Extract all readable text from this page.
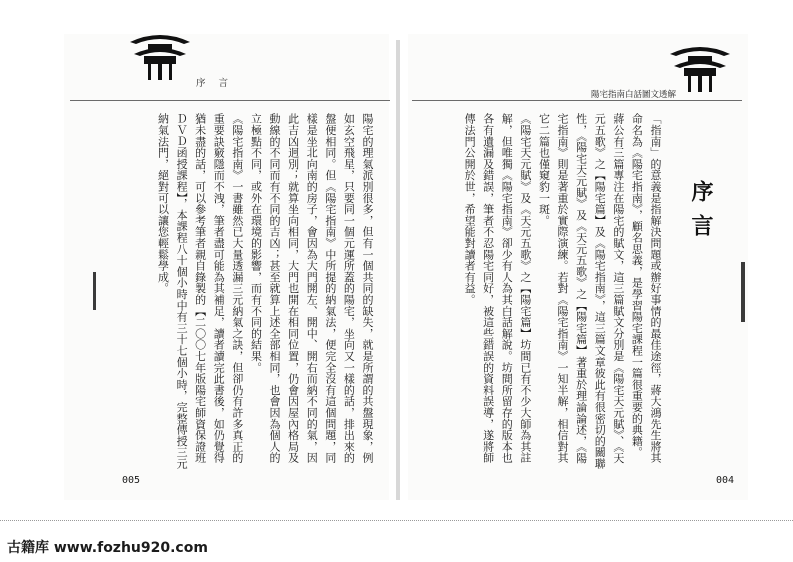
序 言
陽宅指南白話圖文透解
序言

「指南」的意義是指解決問題或辦好事情的最佳途徑，蔣大鴻先生將其命名為《陽宅指南》，顧名思義，是學習陽宅課程一篇很重要的典籍。

蔣公有三篇專注在陽宅的賦文，這三篇賦文分別是《陽宅天元賦》、《天元五歌》之【陽宅篇】及《陽宅指南》，這三篇文章彼此有很密切的關聯性，《陽宅天元賦》及《天元五歌》之【陽宅篇】著重於理論論述，《陽宅指南》則是著重於實際演練。若對《陽宅指南》一知半解，相信對其它二篇也僅窺豹一斑。

《陽宅天元賦》及《天元五歌》之【陽宅篇】坊間已有不少大師為其註解，但唯獨《陽宅指南》卻少有人為其白話解說。坊間所留存的版本也各有遺漏及錯誤，筆者不忍陽宅同好，被這些錯誤的資料誤導，遂將師傳法門公開於世，希望能對讀者有益。

陽宅的理氣派別很多，但有一個共同的缺失，就是所謂的共盤現象，例如玄空飛星，只要同一個元運所蓋的陽宅，坐向又一樣的話，排出來的盤便相同。但《陽宅指南》中所提的納氣法，便完全沒有這個問題，同樣是坐北向南的房子，會因為大門開左、開中、開右而納不同的氣，因此吉凶迥別；就算坐向相同，大門也開在相同位置，仍會因屋內格局及動線的不同而有不同的吉凶；甚至就算上述全部相同，也會因為個人的立極點不同，或外在環境的影響，而有不同的結果。

《陽宅指南》一書雖然已大量透漏三元納氣之訣，但卻仍有許多真正的重要訣竅隱而不洩，筆者盡可能為其補足，讀者讀完此書後，如仍覺得猶未盡的話，可以參考筆者親自錄製的【二〇〇七年版陽宅師資保證班ＤＶＤ函授課程】，本課程八十個小時中有三十七個小時，完整傳授三元納氣法門，絕對可以讓您輕鬆學成。

005	004
古籍库 www.fozhu920.com
